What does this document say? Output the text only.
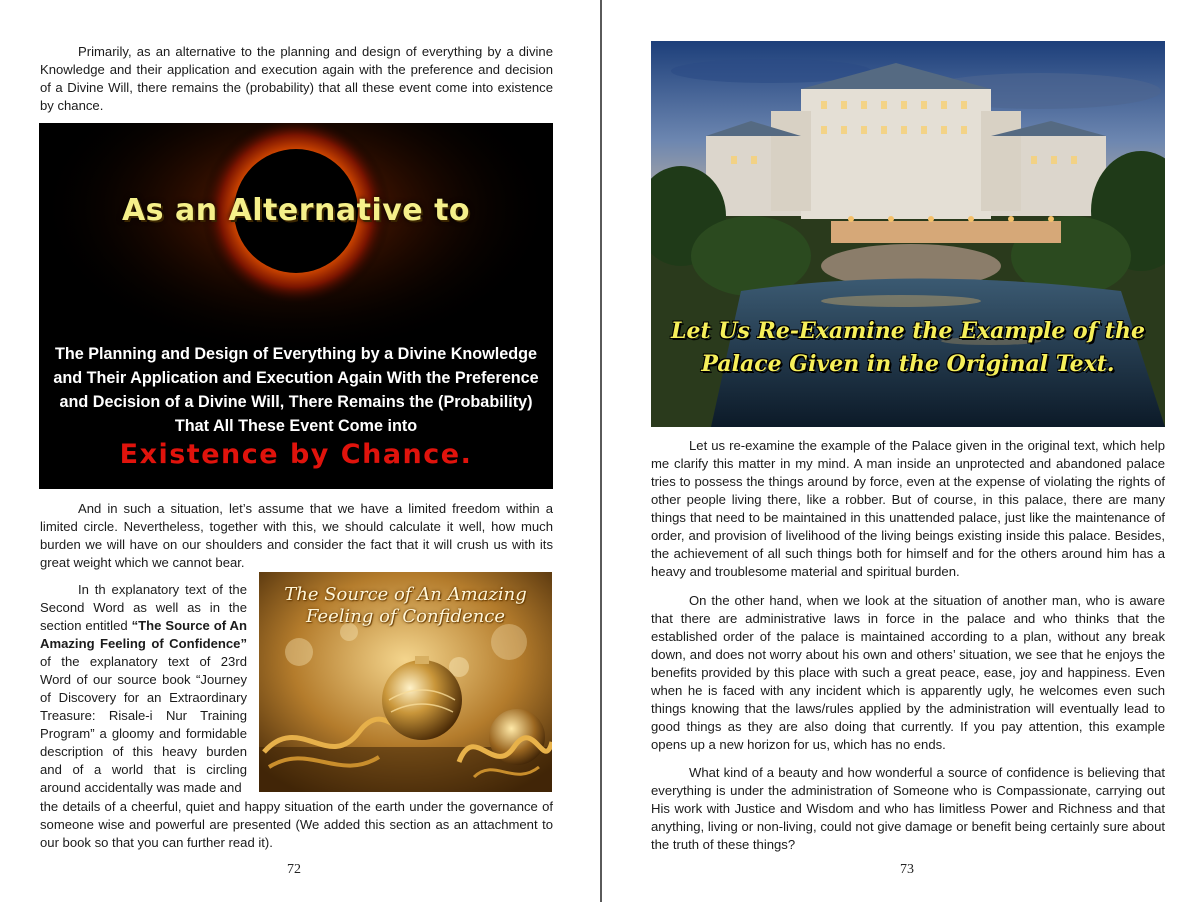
Primarily, as an alternative to the planning and design of everything by a divine Knowledge and their application and execution again with the preference and decision of a Divine Will, there remains the (probability) that all these event come into existence by chance.

As an Alternative to
The Planning and Design of Everything by a Divine Knowledge and Their Application and Execution Again With the Preference and Decision of a Divine Will, There Remains the (Probability) That All These Event Come into
Existence by Chance.

And in such a situation, let’s assume that we have a limited freedom within a limited circle. Nevertheless, together with this, we should calculate it well, how much burden we will have on our shoulders and consider the fact that it will crush us with its great weight which we cannot bear.

In th explanatory text of the Second Word as well as in the section entitled “The Source of An Amazing Feeling of Confidence” of the explanatory text of 23rd Word of our source book “Journey of Discovery for an Extraordinary Treasure: Risale-i Nur Training Program” a gloomy and formidable description of this heavy burden and of a world that is circling around accidentally was made and

the details of a cheerful, quiet and happy situation of the earth under the governance of someone wise and powerful are presented (We added this section as an attachment to our book so that you can further read it).

The Source of An Amazing Feeling of Confidence
72
Let Us Re-Examine the Example of the Palace Given in the Original Text.

Let us re-examine the example of the Palace given in the original text, which help me clarify this matter in my mind. A man inside an unprotected and abandoned palace tries to possess the things around by force, even at the expense of violating the rights of other people living there, like a robber. But of course, in this palace, there are many things that need to be maintained in this unattended palace, just like the maintenance of order, and provision of livelihood of the living beings existing inside this palace. Besides, the achievement of all such things both for himself and for the others around him has a heavy and troublesome material and spiritual burden.

On the other hand, when we look at the situation of another man, who is aware that there are administrative laws in force in the palace and who thinks that the established order of the palace is maintained according to a plan, without any break down, and does not worry about his own and others’ situation, we see that he enjoys the benefits provided by this place with such a great peace, ease, joy and happiness. Even when he is faced with any incident which is apparently ugly, he welcomes even such things knowing that the laws/rules applied by the administration will eventually lead to good things as they are also doing that currently. If you pay attention, this example opens up a new horizon for us, which has no ends.

What kind of a beauty and how wonderful a source of confidence is believing that everything is under the administration of Someone who is Compassionate, carrying out His work with Justice and Wisdom and who has limitless Power and Richness and that anything, living or non-living, could not give damage or benefit being certainly sure about the truth of these things?

73
